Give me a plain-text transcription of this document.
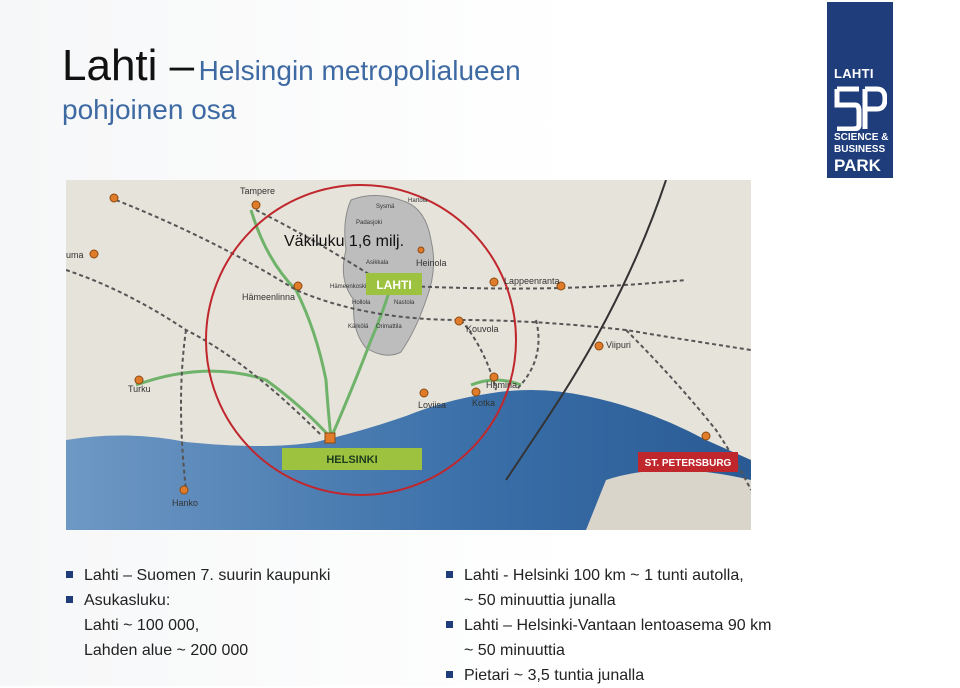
Lahti – Helsingin metropolialueen
pohjoinen osa
LAHTI
SCIENCE &
BUSINESS
PARK
Tampere
uma
Hämeenlinna
Heinola
Lappeenranta
Kouvola
Viipuri
Hamina
Kotka
Loviisa
Turku
Hanko
Sysmä
Hartola
Padasjoki
Asikkala
Hämeenkoski
Hollola	Nastola
Kärkölä Orimattila
Väkiluku 1,6 milj.
LAHTI
HELSINKI	ST. PETERSBURG
Lahti – Suomen 7. suurin kaupunki
Asukasluku:
Lahti ~ 100 000,
Lahden alue ~ 200 000
Lahti - Helsinki 100 km ~ 1 tunti autolla,
~ 50 minuuttia junalla
Lahti – Helsinki-Vantaan lentoasema 90 km
~ 50 minuuttia
Pietari ~ 3,5 tuntia junalla
